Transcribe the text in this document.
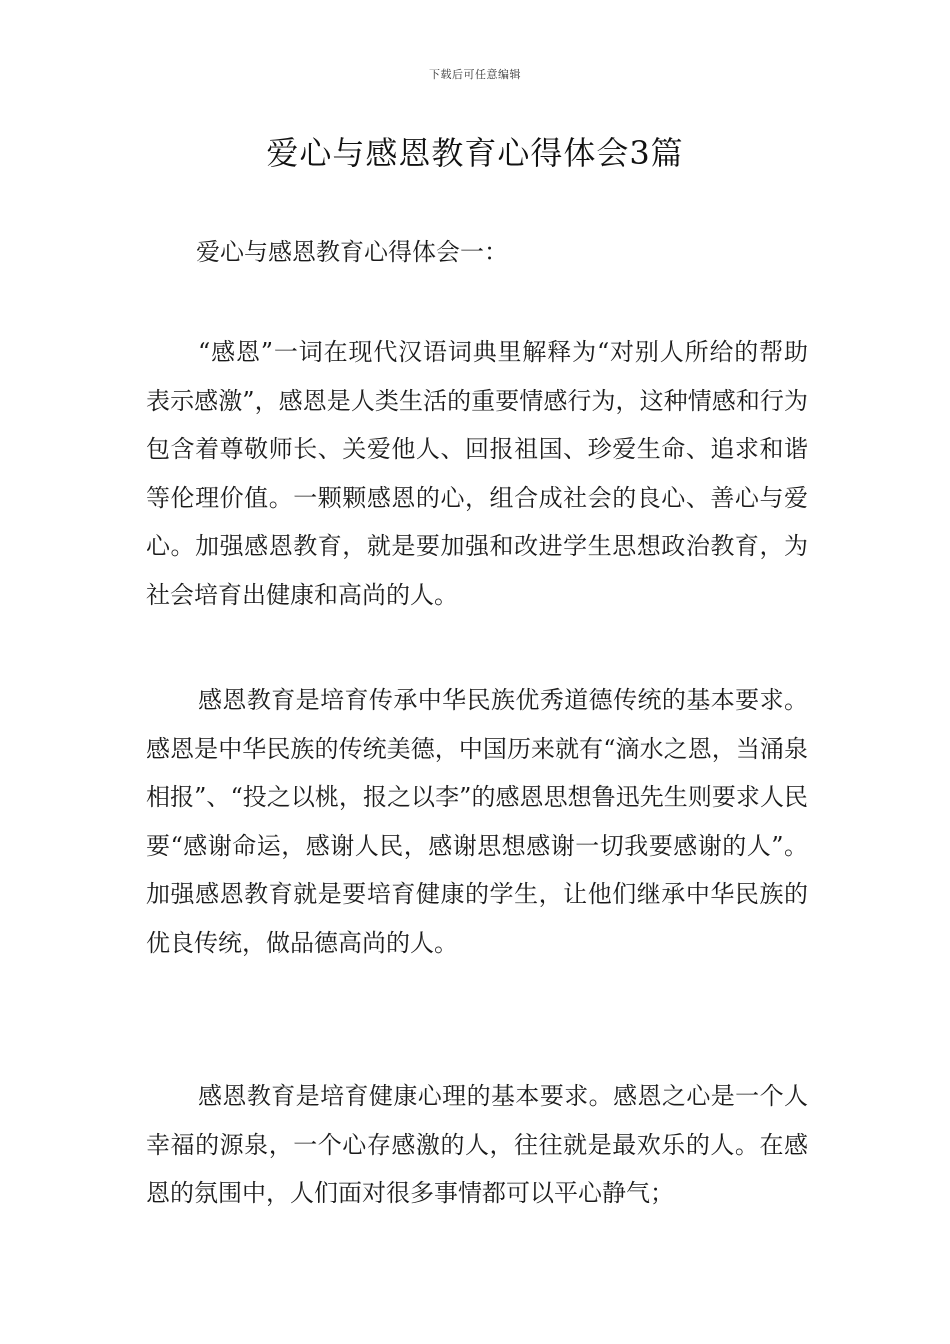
下载后可任意编辑
爱心与感恩教育心得体会3篇
爱心与感恩教育心得体会一：

“感恩”一词在现代汉语词典里解释为“对别人所给的帮助表示感激”，感恩是人类生活的重要情感行为，这种情感和行为包含着尊敬师长、关爱他人、回报祖国、珍爱生命、追求和谐等伦理价值。一颗颗感恩的心，组合成社会的良心、善心与爱心。加强感恩教育，就是要加强和改进学生思想政治教育，为社会培育出健康和高尚的人。

感恩教育是培育传承中华民族优秀道德传统的基本要求。感恩是中华民族的传统美德，中国历来就有“滴水之恩，当涌泉相报”、“投之以桃，报之以李”的感恩思想鲁迅先生则要求人民要“感谢命运，感谢人民，感谢思想感谢一切我要感谢的人”。加强感恩教育就是要培育健康的学生，让他们继承中华民族的优良传统，做品德高尚的人。

感恩教育是培育健康心理的基本要求。感恩之心是一个人幸福的源泉，一个心存感激的人，往往就是最欢乐的人。在感恩的氛围中，人们面对很多事情都可以平心静气；
